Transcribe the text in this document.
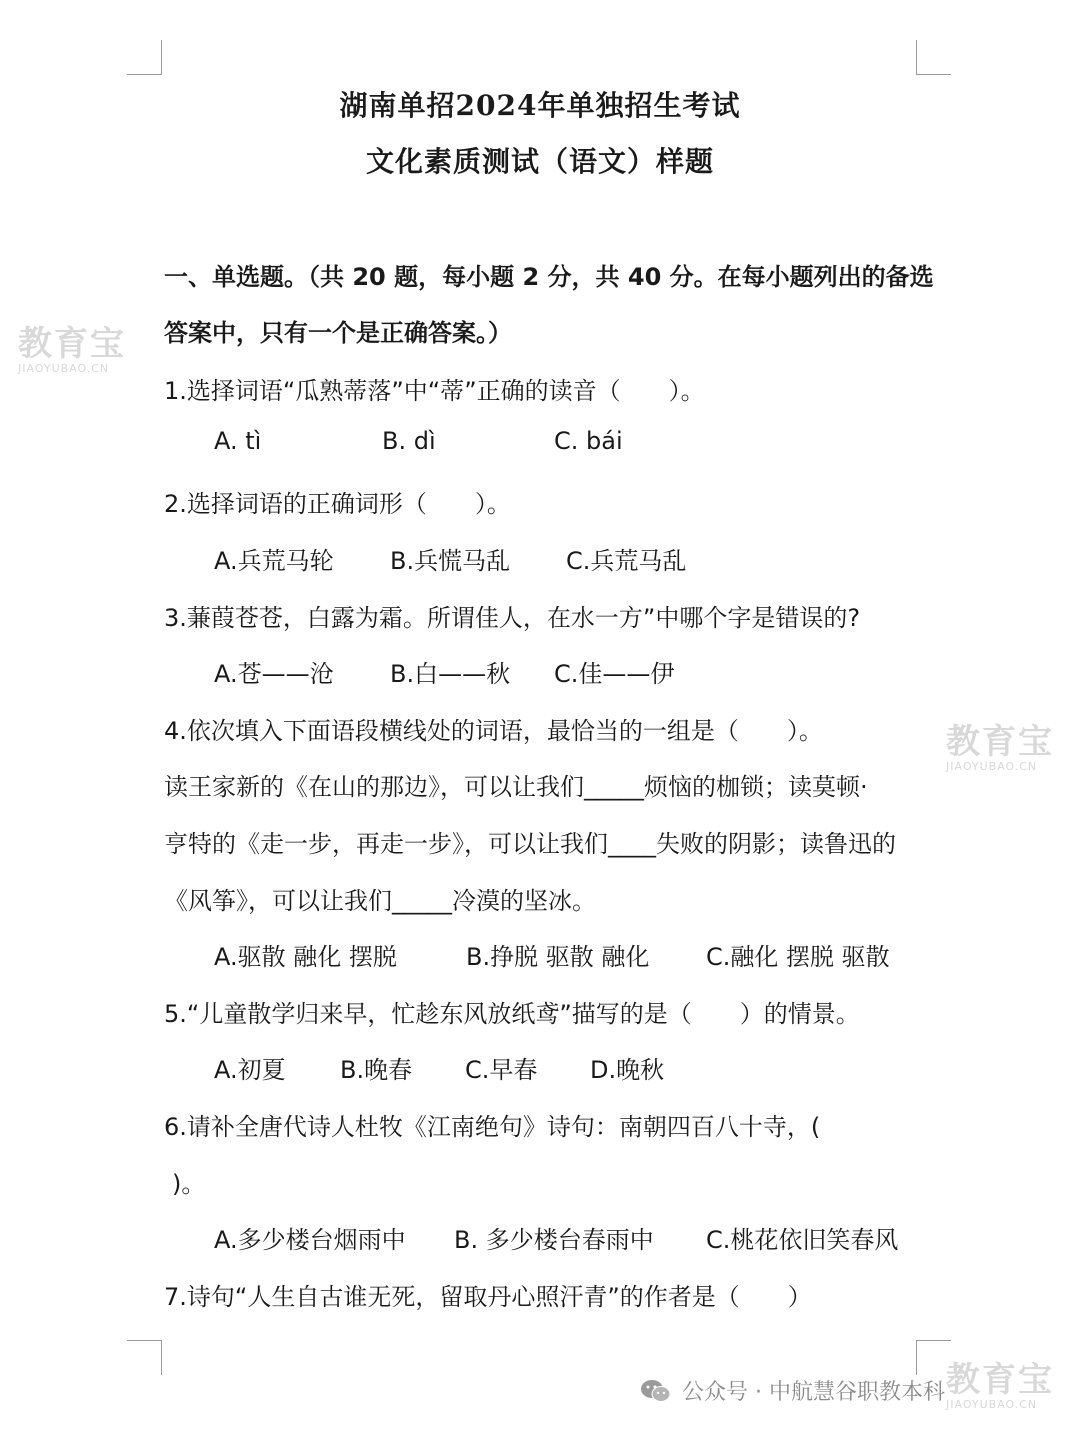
湖南单招2024年单独招生考试
文化素质测试（语文）样题
一、单选题。（共 20 题，每小题 2 分，共 40 分。在每小题列出的备选
答案中，只有一个是正确答案。）
1.选择词语“瓜熟蒂落”中“蒂”正确的读音（　　）。
A. tì	B. dì	C. bái
2.选择词语的正确词形（　　）。
A.兵荒马轮 B.兵慌马乱 C.兵荒马乱
3.蒹葭苍苍，白露为霜。所谓佳人，在水一方”中哪个字是错误的?
A.苍——沧 B.白——秋 C.佳——伊
4.依次填入下面语段横线处的词语，最恰当的一组是（　　）。
读王家新的《在山的那边》，可以让我们_____烦恼的枷锁；读莫顿·
亨特的《走一步，再走一步》，可以让我们____失败的阴影；读鲁迅的
《风筝》，可以让我们_____冷漠的坚冰。
A.驱散 融化 摆脱	B.挣脱 驱散 融化 C.融化 摆脱 驱散
5.“儿童散学归来早，忙趁东风放纸鸢”描写的是（　　）的情景。
A.初夏 B.晚春 C.早春 D.晚秋
6.请补全唐代诗人杜牧《江南绝句》诗句：南朝四百八十寺，(
)。
A.多少楼台烟雨中 B. 多少楼台春雨中 C.桃花依旧笑春风
7.诗句“人生自古谁无死，留取丹心照汗青”的作者是（　　）
教育宝
JIAOYUBAO.CN
教育宝
JIAOYUBAO.CN
教育宝
JIAOYUBAO.CN
公众号 · 中航慧谷职教本科
